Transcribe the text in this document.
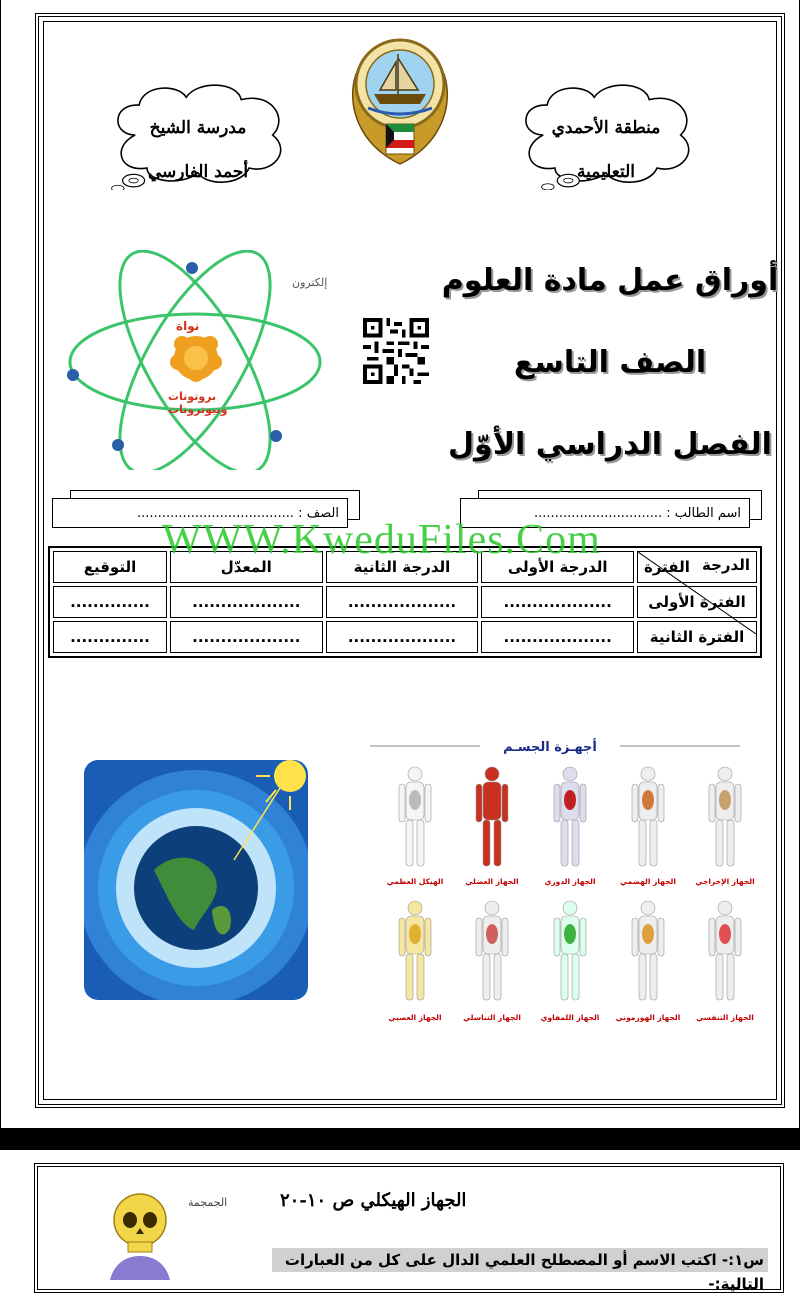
مدرسة الشيخ
أحمد الفارسي
منطقة الأحمدي
التعليمية
أوراق عمل مادة العلوم
الصف التاسع
الفصل الدراسي الأوّل
إلكترون
نواة
بروتونات
ونيوترونات
اسم الطالب : ...............................
الصف : ......................................
الدرجة
الفترة	الدرجة الأولى	الدرجة الثانية	المعدّل	التوقيع
الفترة الأولى	...................	...................	...................	..............
الفترة الثانية	...................	...................	...................	..............
WWW.KweduFiles.Com
أجهـزة الجسـم
الجهاز الإخراجي
الجهاز الهضمي
الجهاز الدوري
الجهاز العضلي
الهيكل العظمي
الجهاز التنفسي
الجهاز الهورموني
الجهاز اللمفاوي
الجهاز التناسلي
الجهاز العصبي
الجهاز الهيكلي ص ١٠-٢٠
س١:- اكتب الاسم أو المصطلح العلمي الدال على كل من العبارات التالية:-
الجمجمة
